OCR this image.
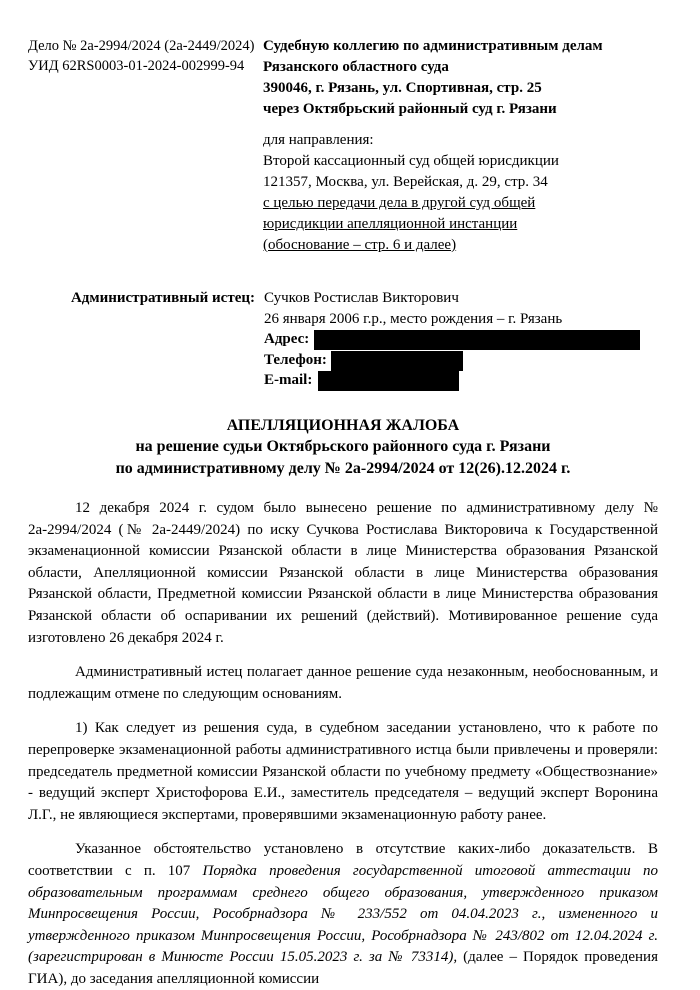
Дело № 2а-2994/2024 (2а-2449/2024)
УИД 62RS0003-01-2024-002999-94
Судебную коллегию по административным делам
Рязанского областного суда
390046, г. Рязань, ул. Спортивная, стр. 25
через Октябрьский районный суд г. Рязани
для направления:
Второй кассационный суд общей юрисдикции
121357, Москва, ул. Верейская, д. 29, стр. 34
с целью передачи дела в другой суд общей
юрисдикции апелляционной инстанции
(обоснование – стр. 6 и далее)
Административный истец: Сучков Ростислав Викторович
26 января 2006 г.р., место рождения – г. Рязань
Адрес:
Телефон:
E-mail:
АПЕЛЛЯЦИОННАЯ ЖАЛОБА
на решение судьи Октябрьского районного суда г. Рязани
по административному делу № 2а-2994/2024 от 12(26).12.2024 г.

12 декабря 2024 г. судом было вынесено решение по административному делу № 2а-2994/2024 (№ 2а-2449/2024) по иску Сучкова Ростислава Викторовича к Государственной экзаменационной комиссии Рязанской области в лице Министерства образования Рязанской области, Апелляционной комиссии Рязанской области в лице Министерства образования Рязанской области, Предметной комиссии Рязанской области в лице Министерства образования Рязанской области об оспаривании их решений (действий). Мотивированное решение суда изготовлено 26 декабря 2024 г.

Административный истец полагает данное решение суда незаконным, необоснованным, и подлежащим отмене по следующим основаниям.

1) Как следует из решения суда, в судебном заседании установлено, что к работе по перепроверке экзаменационной работы административного истца были привлечены и проверяли: председатель предметной комиссии Рязанской области по учебному предмету «Обществознание» - ведущий эксперт Христофорова Е.И., заместитель председателя – ведущий эксперт Воронина Л.Г., не являющиеся экспертами, проверявшими экзаменационную работу ранее.

Указанное обстоятельство установлено в отсутствие каких-либо доказательств. В соответствии с п. 107 Порядка проведения государственной итоговой аттестации по образовательным программам среднего общего образования, утвержденного приказом Минпросвещения России, Рособрнадзора № 233/552 от 04.04.2023 г., измененного и утвержденного приказом Минпросвещения России, Рособрнадзора № 243/802 от 12.04.2024 г. (зарегистрирован в Минюсте России 15.05.2023 г. за № 73314), (далее – Порядок проведения ГИА), до заседания апелляционной комиссии
